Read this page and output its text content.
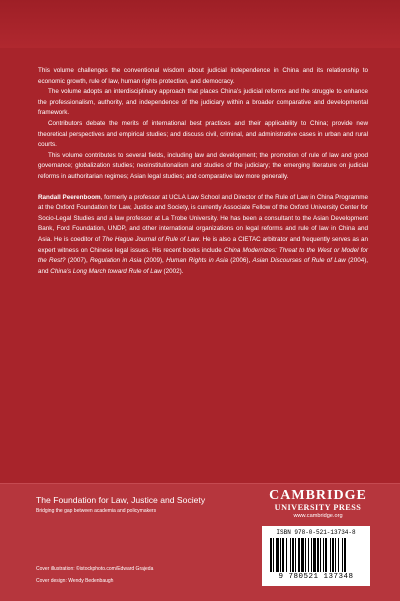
This volume challenges the conventional wisdom about judicial independence in China and its relationship to economic growth, rule of law, human rights protection, and democracy.

The volume adopts an interdisciplinary approach that places China’s judicial reforms and the struggle to enhance the professionalism, authority, and independence of the judiciary within a broader comparative and developmental framework.

Contributors debate the merits of international best practices and their applicability to China; provide new theoretical perspectives and empirical studies; and discuss civil, criminal, and administrative cases in urban and rural courts.

This volume contributes to several fields, including law and development; the promotion of rule of law and good governance; globalization studies; neoinstitutionalism and studies of the judiciary; the emerging literature on judicial reforms in authoritarian regimes; Asian legal studies; and comparative law more generally.

Randall Peerenboom, formerly a professor at UCLA Law School and Director of the Rule of Law in China Programme at the Oxford Foundation for Law, Justice and Society, is currently Associate Fellow of the Oxford University Center for Socio-Legal Studies and a law professor at La Trobe University. He has been a consultant to the Asian Development Bank, Ford Foundation, UNDP, and other international organizations on legal reforms and rule of law in China and Asia. He is coeditor of The Hague Journal of Rule of Law. He is also a CIETAC arbitrator and frequently serves as an expert witness on Chinese legal issues. His recent books include China Modernizes: Threat to the West or Model for the Rest? (2007), Regulation in Asia (2009), Human Rights in Asia (2006), Asian Discourses of Rule of Law (2004), and China’s Long March toward Rule of Law (2002).

The Foundation for Law, Justice and Society
Bridging the gap between academia and policymakers
CAMBRIDGE
UNIVERSITY PRESS
www.cambridge.org
ISBN 978-0-521-13734-8
9 780521 137348
Cover illustration: ©istockphoto.com/Edward Grajeda
Cover design: Wendy Bedenbaugh
